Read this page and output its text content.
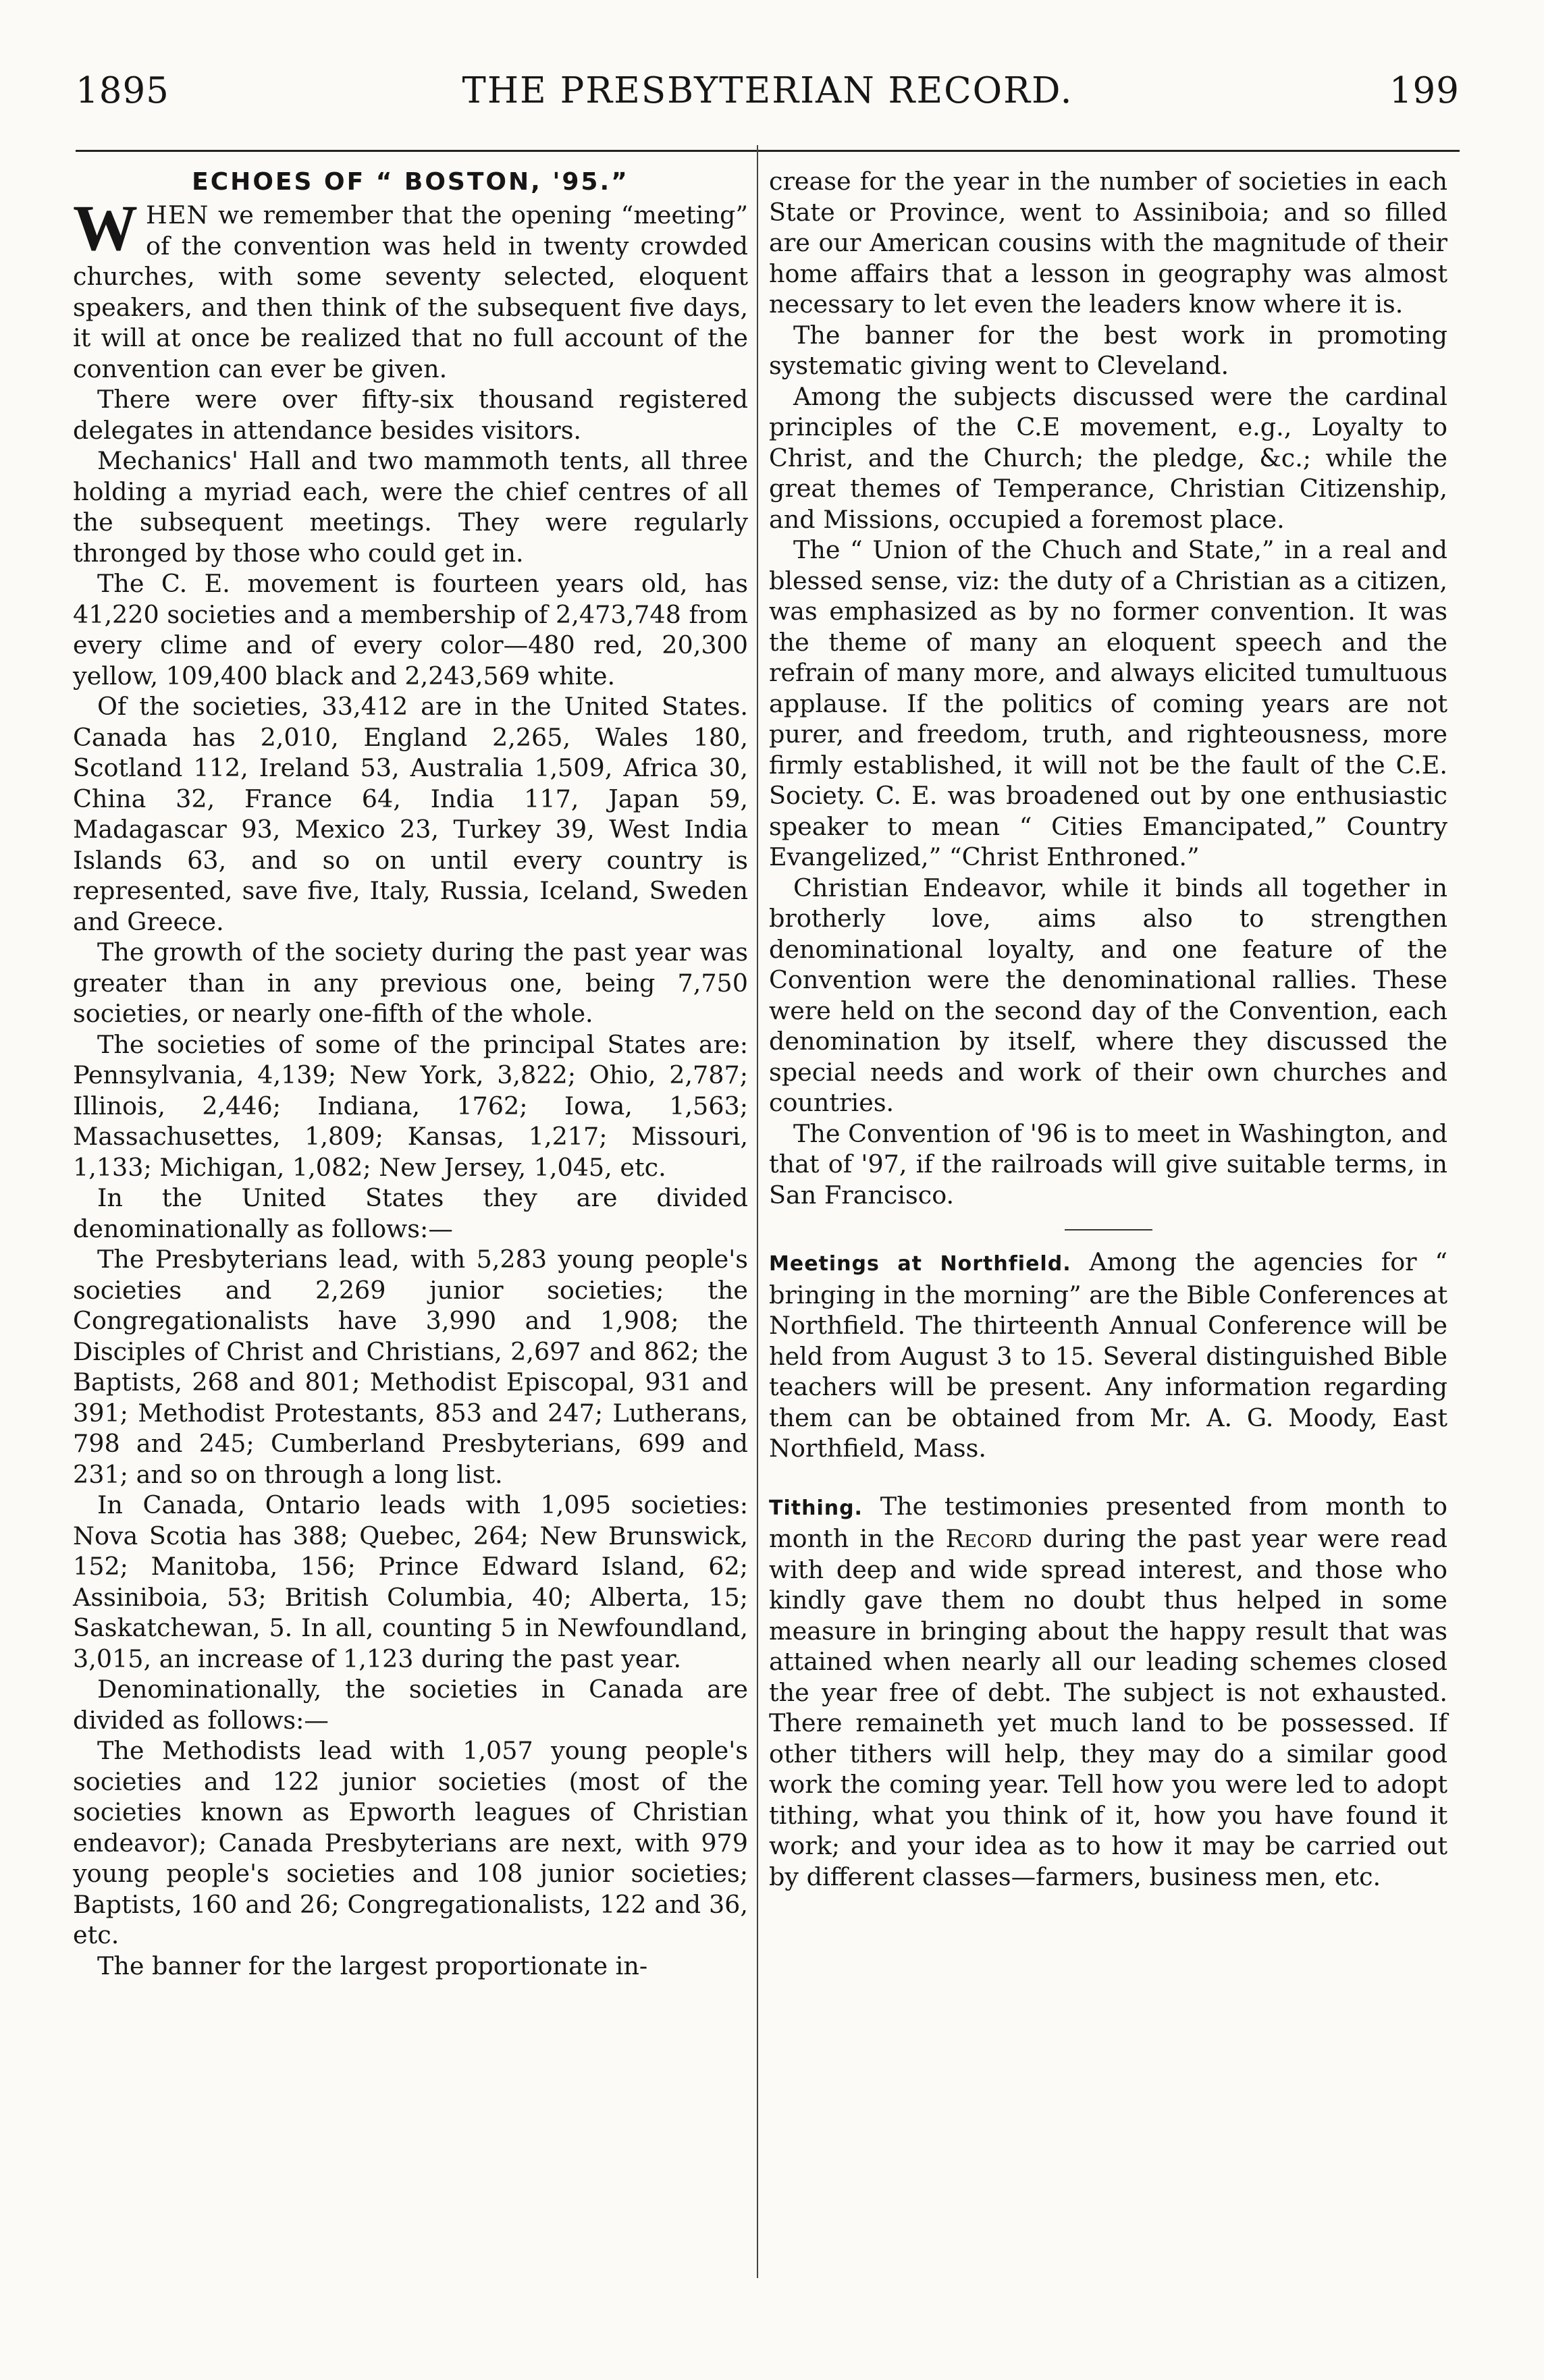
1895	THE PRESBYTERIAN RECORD.	199
ECHOES OF “ BOSTON, '95.”

WHEN we remember that the opening “meeting” of the convention was held in twenty crowded churches, with some seventy selected, eloquent speakers, and then think of the subsequent five days, it will at once be realized that no full account of the convention can ever be given.

There were over fifty-six thousand registered delegates in attendance besides visitors.

Mechanics' Hall and two mammoth tents, all three holding a myriad each, were the chief centres of all the subsequent meetings. They were regularly thronged by those who could get in.

The C. E. movement is fourteen years old, has 41,220 societies and a membership of 2,473,748 from every clime and of every color—480 red, 20,300 yellow, 109,400 black and 2,243,569 white.

Of the societies, 33,412 are in the United States. Canada has 2,010, England 2,265, Wales 180, Scotland 112, Ireland 53, Australia 1,509, Africa 30, China 32, France 64, India 117, Japan 59, Madagascar 93, Mexico 23, Turkey 39, West India Islands 63, and so on until every country is represented, save five, Italy, Russia, Iceland, Sweden and Greece.

The growth of the society during the past year was greater than in any previous one, being 7,750 societies, or nearly one-fifth of the whole.

The societies of some of the principal States are: Pennsylvania, 4,139; New York, 3,822; Ohio, 2,787; Illinois, 2,446; Indiana, 1762; Iowa, 1,563; Massachusettes, 1,809; Kansas, 1,217; Missouri, 1,133; Michigan, 1,082; New Jersey, 1,045, etc.

In the United States they are divided denominationally as follows:—

The Presbyterians lead, with 5,283 young people's societies and 2,269 junior societies; the Congregationalists have 3,990 and 1,908; the Disciples of Christ and Christians, 2,697 and 862; the Baptists, 268 and 801; Methodist Episcopal, 931 and 391; Methodist Protestants, 853 and 247; Lutherans, 798 and 245; Cumberland Presbyterians, 699 and 231; and so on through a long list.

In Canada, Ontario leads with 1,095 societies: Nova Scotia has 388; Quebec, 264; New Brunswick, 152; Manitoba, 156; Prince Edward Island, 62; Assiniboia, 53; British Columbia, 40; Alberta, 15; Saskatchewan, 5. In all, counting 5 in Newfoundland, 3,015, an increase of 1,123 during the past year.

Denominationally, the societies in Canada are divided as follows:—

The Methodists lead with 1,057 young people's societies and 122 junior societies (most of the societies known as Epworth leagues of Christian endeavor); Canada Presbyterians are next, with 979 young people's societies and 108 junior societies; Baptists, 160 and 26; Congregationalists, 122 and 36, etc.

The banner for the largest proportionate in-

crease for the year in the number of societies in each State or Province, went to Assiniboia; and so filled are our American cousins with the magnitude of their home affairs that a lesson in geography was almost necessary to let even the leaders know where it is.

The banner for the best work in promoting systematic giving went to Cleveland.

Among the subjects discussed were the cardinal principles of the C.E movement, e.g., Loyalty to Christ, and the Church; the pledge, &c.; while the great themes of Temperance, Christian Citizenship, and Missions, occupied a foremost place.

The “ Union of the Chuch and State,” in a real and blessed sense, viz: the duty of a Christian as a citizen, was emphasized as by no former convention. It was the theme of many an eloquent speech and the refrain of many more, and always elicited tumultuous applause. If the politics of coming years are not purer, and freedom, truth, and righteousness, more firmly established, it will not be the fault of the C.E. Society. C. E. was broadened out by one enthusiastic speaker to mean “ Cities Emancipated,” Country Evangelized,” “Christ Enthroned.”

Christian Endeavor, while it binds all together in brotherly love, aims also to strengthen denominational loyalty, and one feature of the Convention were the denominational rallies. These were held on the second day of the Convention, each denomination by itself, where they discussed the special needs and work of their own churches and countries.

The Convention of '96 is to meet in Washington, and that of '97, if the railroads will give suitable terms, in San Francisco.

Meetings at Northfield. Among the agencies for “ bringing in the morning” are the Bible Conferences at Northfield. The thirteenth Annual Conference will be held from August 3 to 15. Several distinguished Bible teachers will be present. Any information regarding them can be obtained from Mr. A. G. Moody, East Northfield, Mass.

Tithing. The testimonies presented from month to month in the Record during the past year were read with deep and wide spread interest, and those who kindly gave them no doubt thus helped in some measure in bringing about the happy result that was attained when nearly all our leading schemes closed the year free of debt. The subject is not exhausted. There remaineth yet much land to be possessed. If other tithers will help, they may do a similar good work the coming year. Tell how you were led to adopt tithing, what you think of it, how you have found it work; and your idea as to how it may be carried out by different classes—farmers, business men, etc.
